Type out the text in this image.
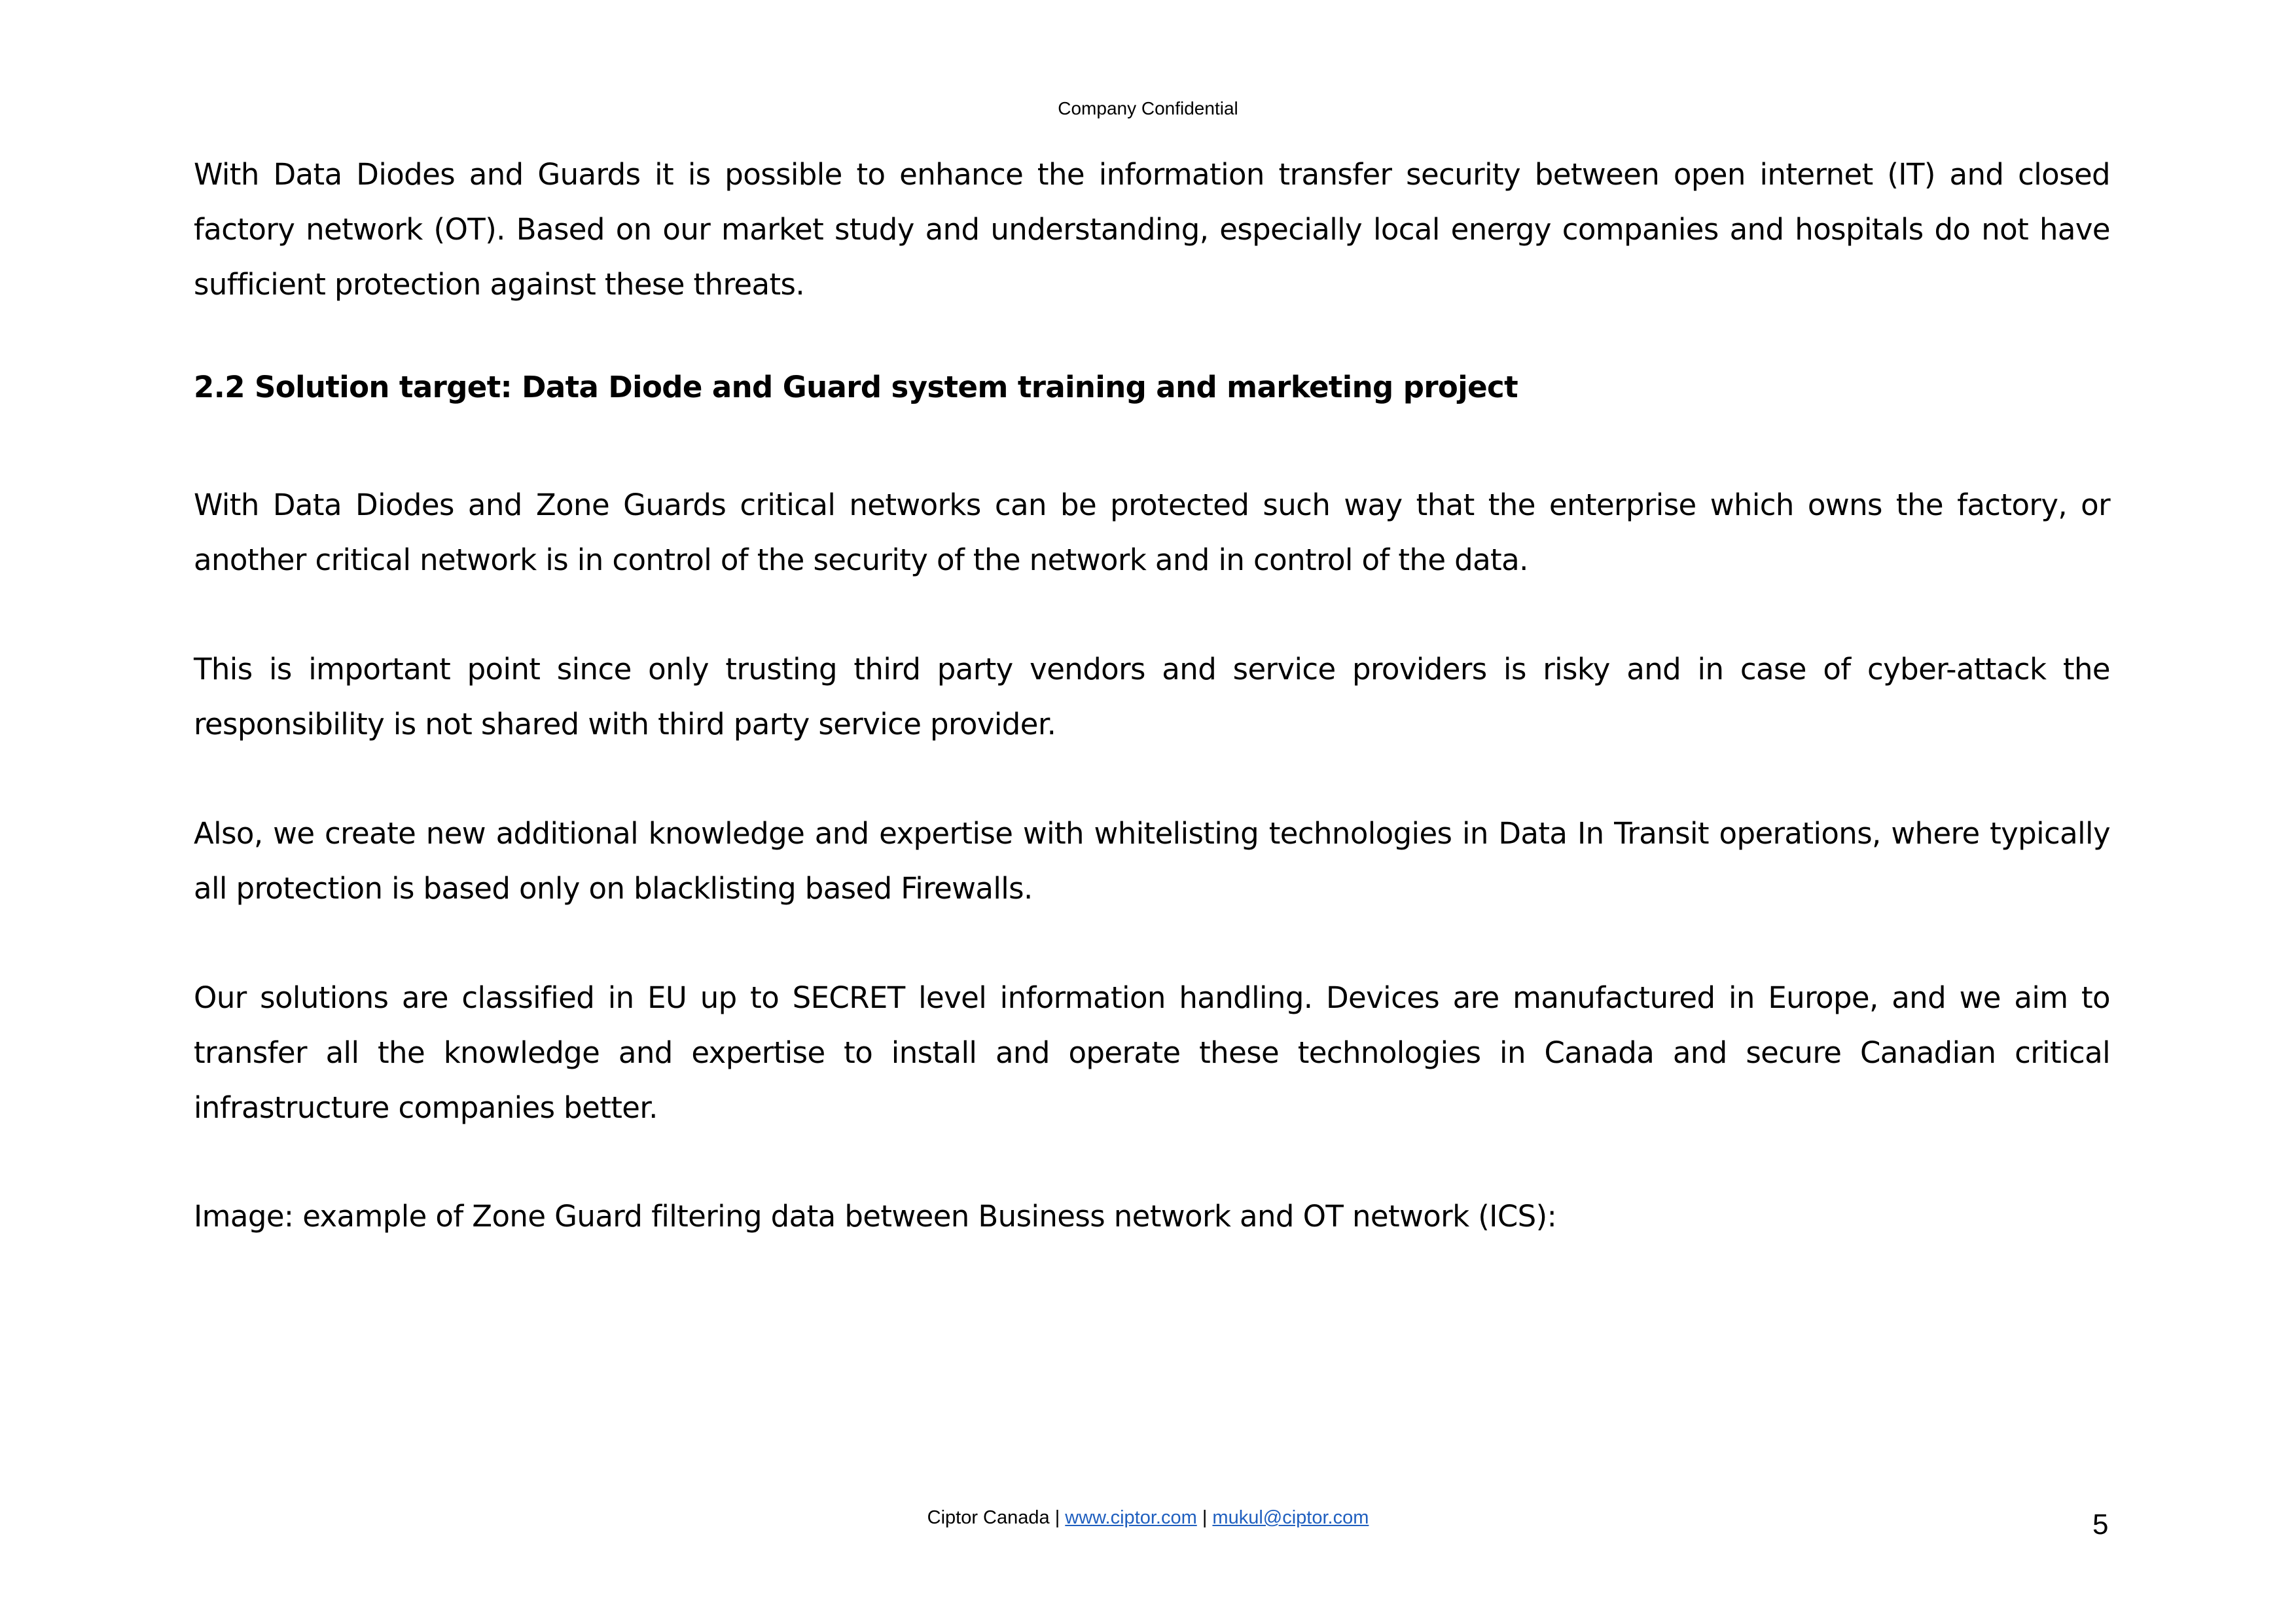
Company Confidential

With Data Diodes and Guards it is possible to enhance the information transfer security between open internet (IT) and closed factory network (OT). Based on our market study and understanding, especially local energy companies and hospitals do not have sufficient protection against these threats.

2.2 Solution target: Data Diode and Guard system training and marketing project

With Data Diodes and Zone Guards critical networks can be protected such way that the enterprise which owns the factory, or another critical network is in control of the security of the network and in control of the data.

This is important point since only trusting third party vendors and service providers is risky and in case of cyber-attack the responsibility is not shared with third party service provider.

Also, we create new additional knowledge and expertise with whitelisting technologies in Data In Transit operations, where typically all protection is based only on blacklisting based Firewalls.

Our solutions are classified in EU up to SECRET level information handling. Devices are manufactured in Europe, and we aim to transfer all the knowledge and expertise to install and operate these technologies in Canada and secure Canadian critical infrastructure companies better.

Image: example of Zone Guard filtering data between Business network and OT network (ICS):

Ciptor Canada | www.ciptor.com | mukul@ciptor.com	5
